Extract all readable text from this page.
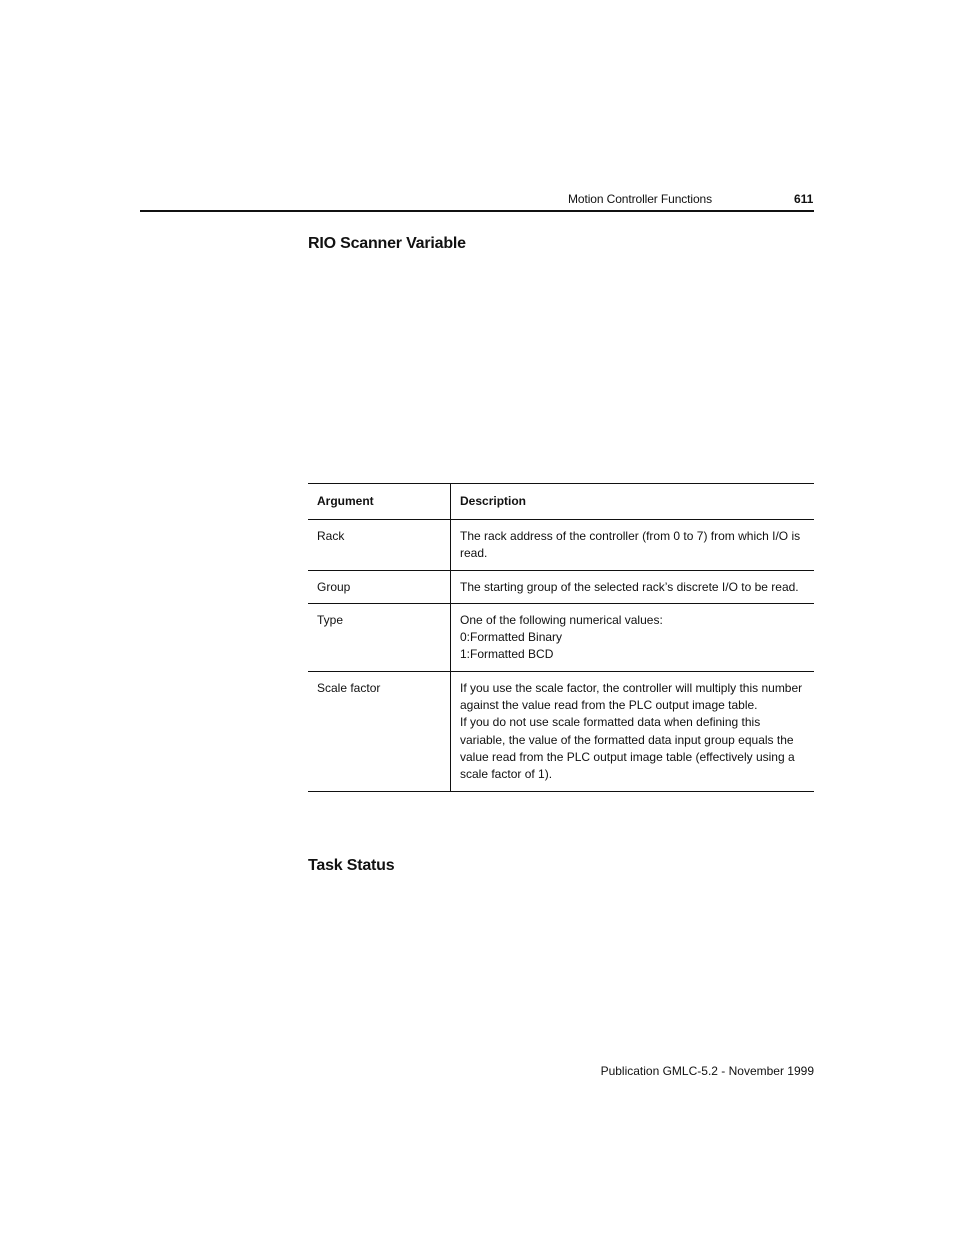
Motion Controller Functions	611
RIO Scanner Variable
Argument	Description
Rack	The rack address of the controller (from 0 to 7) from which I/O is read.

Group	The starting group of the selected rack’s discrete I/O to be read.

Type	One of the following numerical values:
0:Formatted Binary
1:Formatted BCD

Scale factor	If you use the scale factor, the controller will multiply this number against the value read from the PLC output image table.
If you do not use scale formatted data when defining this variable, the value of the formatted data input group equals the value read from the PLC output image table (effectively using a scale factor of 1).
Task Status
Publication GMLC-5.2 - November 1999
